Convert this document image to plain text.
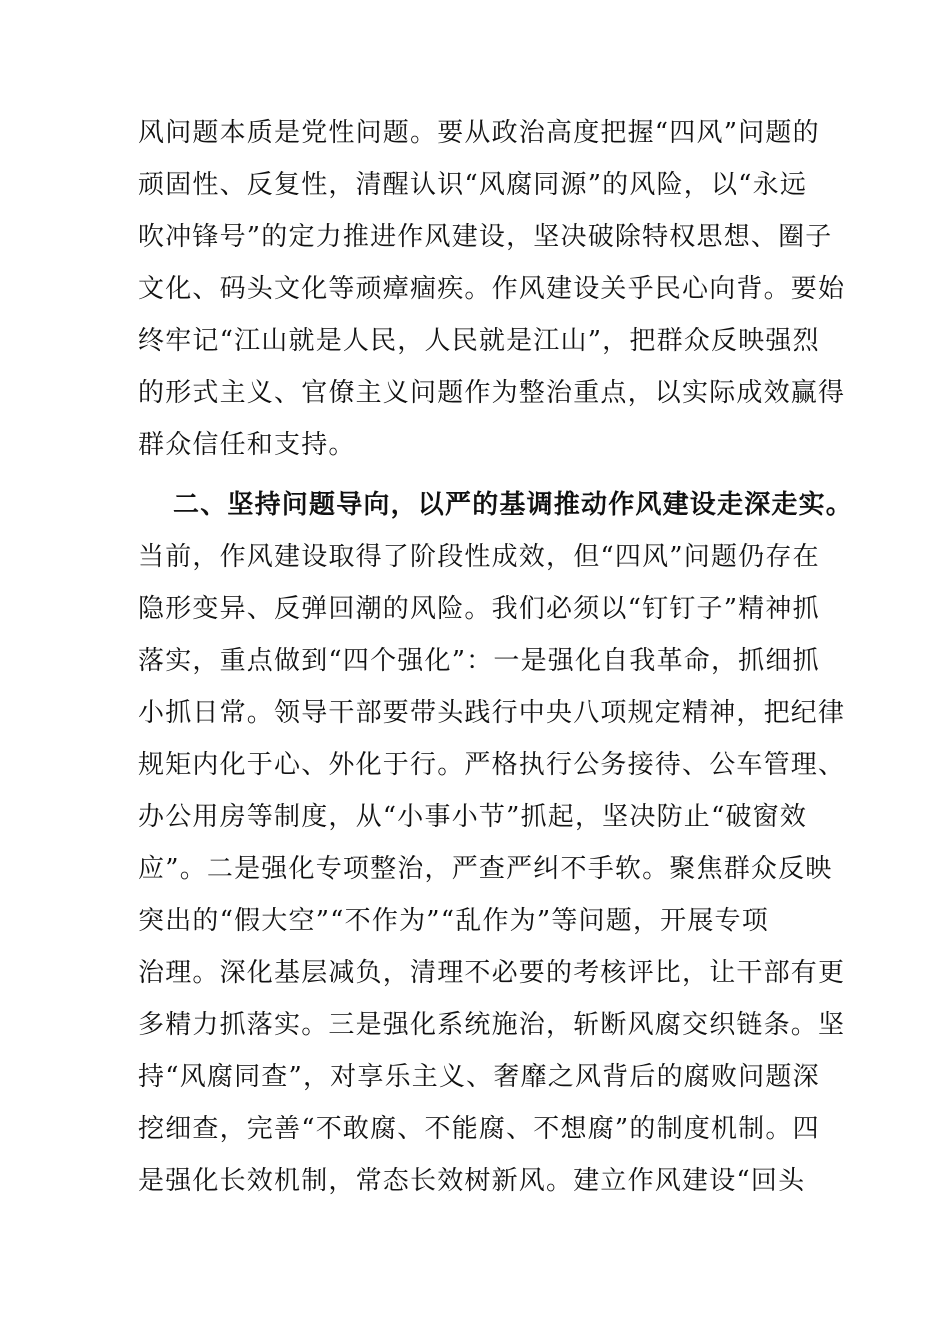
风问题本质是党性问题。要从政治高度把握“四风”问题的
顽固性、反复性，清醒认识“风腐同源”的风险，以“永远
吹冲锋号”的定力推进作风建设，坚决破除特权思想、圈子
文化、码头文化等顽瘴痼疾。作风建设关乎民心向背。要始
终牢记“江山就是人民，人民就是江山”，把群众反映强烈
的形式主义、官僚主义问题作为整治重点，以实际成效赢得
群众信任和支持。
二、坚持问题导向，以严的基调推动作风建设走深走实。
当前，作风建设取得了阶段性成效，但“四风”问题仍存在
隐形变异、反弹回潮的风险。我们必须以“钉钉子”精神抓
落实，重点做到“四个强化”：一是强化自我革命，抓细抓
小抓日常。领导干部要带头践行中央八项规定精神，把纪律
规矩内化于心、外化于行。严格执行公务接待、公车管理、
办公用房等制度，从“小事小节”抓起，坚决防止“破窗效
应”。二是强化专项整治，严查严纠不手软。聚焦群众反映
突出的“假大空”“不作为”“乱作为”等问题，开展专项
治理。深化基层减负，清理不必要的考核评比，让干部有更
多精力抓落实。三是强化系统施治，斩断风腐交织链条。坚
持“风腐同查”，对享乐主义、奢靡之风背后的腐败问题深
挖细查，完善“不敢腐、不能腐、不想腐”的制度机制。四
是强化长效机制，常态长效树新风。建立作风建设“回头
